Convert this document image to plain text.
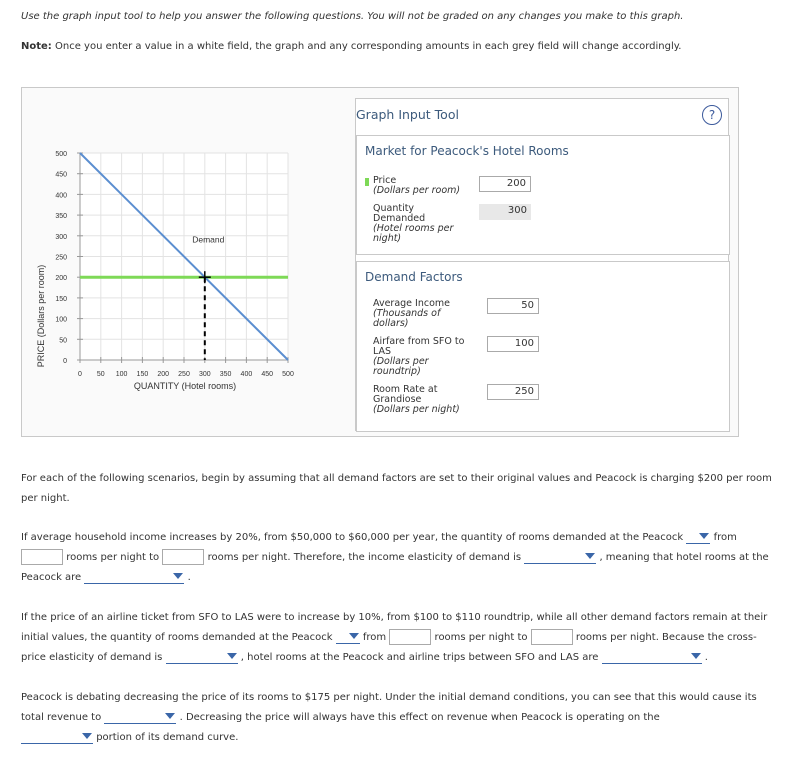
Use the graph input tool to help you answer the following questions. You will not be graded on any changes you make to this graph.
Note: Once you enter a value in a white field, the graph and any corresponding amounts in each grey field will change accordingly.
PRICE (Dollars per room)
QUANTITY (Hotel rooms)
0 50 100 150 200 250 300 350 400 450 500
0
50
100
150
200
250
300
350
400
450
500
Demand
Graph Input Tool	?
Market for Peacock's Hotel Rooms
Price
(Dollars per room)
200
Quantity
Demanded
(Hotel rooms per
night)
300
Demand Factors
Average Income
(Thousands of
dollars)
50
Airfare from SFO to
LAS
(Dollars per
roundtrip)
100
Room Rate at
Grandiose
(Dollars per night)
250
For each of the following scenarios, begin by assuming that all demand factors are set to their original values and Peacock is charging $200 per room per night.
If average household income increases by 20%, from $50,000 to $60,000 per year, the quantity of rooms demanded at the Peacock	from
rooms per night to	rooms per night. Therefore, the income elasticity of demand is	, meaning that hotel rooms at the
Peacock are	.
If the price of an airline ticket from SFO to LAS were to increase by 10%, from $100 to $110 roundtrip, while all other demand factors remain at their initial values, the quantity of rooms demanded at the Peacock	from	rooms per night to	rooms per night. Because the cross-price elasticity of demand is	, hotel rooms at the Peacock and airline trips between SFO and LAS are	.
Peacock is debating decreasing the price of its rooms to $175 per night. Under the initial demand conditions, you can see that this would cause its total revenue to	. Decreasing the price will always have this effect on revenue when Peacock is operating on the

portion of its demand curve.
